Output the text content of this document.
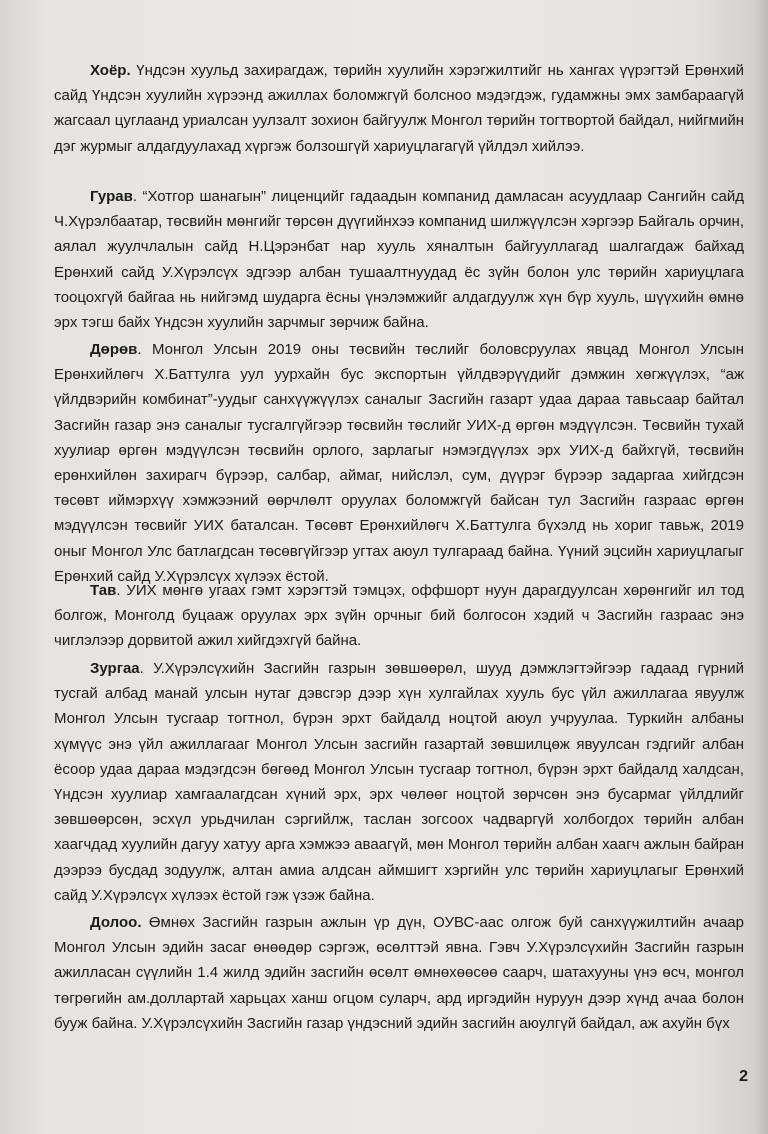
Хоёр. Үндсэн хуульд захирагдаж, төрийн хуулийн хэрэгжилтийг нь хангах үүрэгтэй Ерөнхий сайд Үндсэн хуулийн хүрээнд ажиллах боломжгүй болсноо мэдэгдэж, гудамжны эмх замбараагүй жагсаал цуглаанд уриалсан уулзалт зохион байгуулж Монгол төрийн тогтвортой байдал, нийгмийн дэг журмыг алдагдуулахад хүргэж болзошгүй хариуцлагагүй үйлдэл хийлээ.

Гурав. “Хотгор шанагын” лиценцийг гадаадын компанид дамласан асуудлаар Сангийн сайд Ч.Хүрэлбаатар, төсвийн мөнгийг төрсөн дүүгийнхээ компанид шилжүүлсэн хэргээр Байгаль орчин, аялал жуулчлалын сайд Н.Цэрэнбат нар хууль хяналтын байгууллагад шалгагдаж байхад Ерөнхий сайд У.Хүрэлсүх эдгээр албан тушаалтнуудад ёс зүйн болон улс төрийн хариуцлага тооцохгүй байгаа нь нийгэмд шударга ёсны үнэлэмжийг алдагдуулж хүн бүр хууль, шүүхийн өмнө эрх тэгш байх Үндсэн хуулийн зарчмыг зөрчиж байна.

Дөрөв. Монгол Улсын 2019 оны төсвийн төслийг боловсруулах явцад Монгол Улсын Ерөнхийлөгч Х.Баттулга уул уурхайн бус экспортын үйлдвэрүүдийг дэмжин хөгжүүлэх, “аж үйлдвэрийн комбинат”-уудыг санхүүжүүлэх саналыг Засгийн газарт удаа дараа тавьсаар байтал Засгийн газар энэ саналыг тусгалгүйгээр төсвийн төслийг УИХ-д өргөн мэдүүлсэн. Төсвийн тухай хуулиар өргөн мэдүүлсэн төсвийн орлого, зарлагыг нэмэгдүүлэх эрх УИХ-д байхгүй, төсвийн ерөнхийлөн захирагч бүрээр, салбар, аймаг, нийслэл, сум, дүүрэг бүрээр задаргаа хийгдсэн төсөвт иймэрхүү хэмжээний өөрчлөлт оруулах боломжгүй байсан тул Засгийн газраас өргөн мэдүүлсэн төсвийг УИХ баталсан. Төсөвт Ерөнхийлөгч Х.Баттулга бүхэлд нь хориг тавьж, 2019 оныг Монгол Улс батлагдсан төсөвгүйгээр угтах аюул тулгараад байна. Үүний эцсийн хариуцлагыг Ерөнхий сайд У.Хүрэлсүх хүлээх ёстой.

Тав. УИХ мөнгө угаах гэмт хэрэгтэй тэмцэх, оффшорт нуун дарагдуулсан хөрөнгийг ил тод болгож, Монголд буцааж оруулах эрх зүйн орчныг бий болгосон хэдий ч Засгийн газраас энэ чиглэлээр дорвитой ажил хийгдэхгүй байна.

Зургаа. У.Хүрэлсүхийн Засгийн газрын зөвшөөрөл, шууд дэмжлэгтэйгээр гадаад гүрний тусгай албад манай улсын нутаг дэвсгэр дээр хүн хулгайлах хууль бус үйл ажиллагаа явуулж Монгол Улсын тусгаар тогтнол, бүрэн эрхт байдалд ноцтой аюул учруулаа. Туркийн албаны хүмүүс энэ үйл ажиллагааг Монгол Улсын засгийн газартай зөвшилцөж явуулсан гэдгийг албан ёсоор удаа дараа мэдэгдсэн бөгөөд Монгол Улсын тусгаар тогтнол, бүрэн эрхт байдалд халдсан, Үндсэн хуулиар хамгаалагдсан хүний эрх, эрх чөлөөг ноцтой зөрчсөн энэ бусармаг үйлдлийг зөвшөөрсөн, эсхүл урьдчилан сэргийлж, таслан зогсоох чадваргүй холбогдох төрийн албан хаагчдад хуулийн дагуу хатуу арга хэмжээ аваагүй, мөн Монгол төрийн албан хаагч ажлын байран дээрээ бусдад зодуулж, алтан амиа алдсан аймшигт хэргийн улс төрийн хариуцлагыг Ерөнхий сайд У.Хүрэлсүх хүлээх ёстой гэж үзэж байна.

Долоо. Өмнөх Засгийн газрын ажлын үр дүн, ОУВС-аас олгож буй санхүүжилтийн ачаар Монгол Улсын эдийн засаг өнөөдөр сэргэж, өсөлттэй явна. Гэвч У.Хүрэлсүхийн Засгийн газрын ажилласан сүүлийн 1.4 жилд эдийн засгийн өсөлт өмнөхөөсөө саарч, шатахууны үнэ өсч, монгол төгрөгийн ам.доллартай харьцах ханш огцом суларч, ард иргэдийн нуруун дээр хүнд ачаа болон бууж байна. У.Хүрэлсүхийн Засгийн газар үндэсний эдийн засгийн аюулгүй байдал, аж ахуйн бүх

2
